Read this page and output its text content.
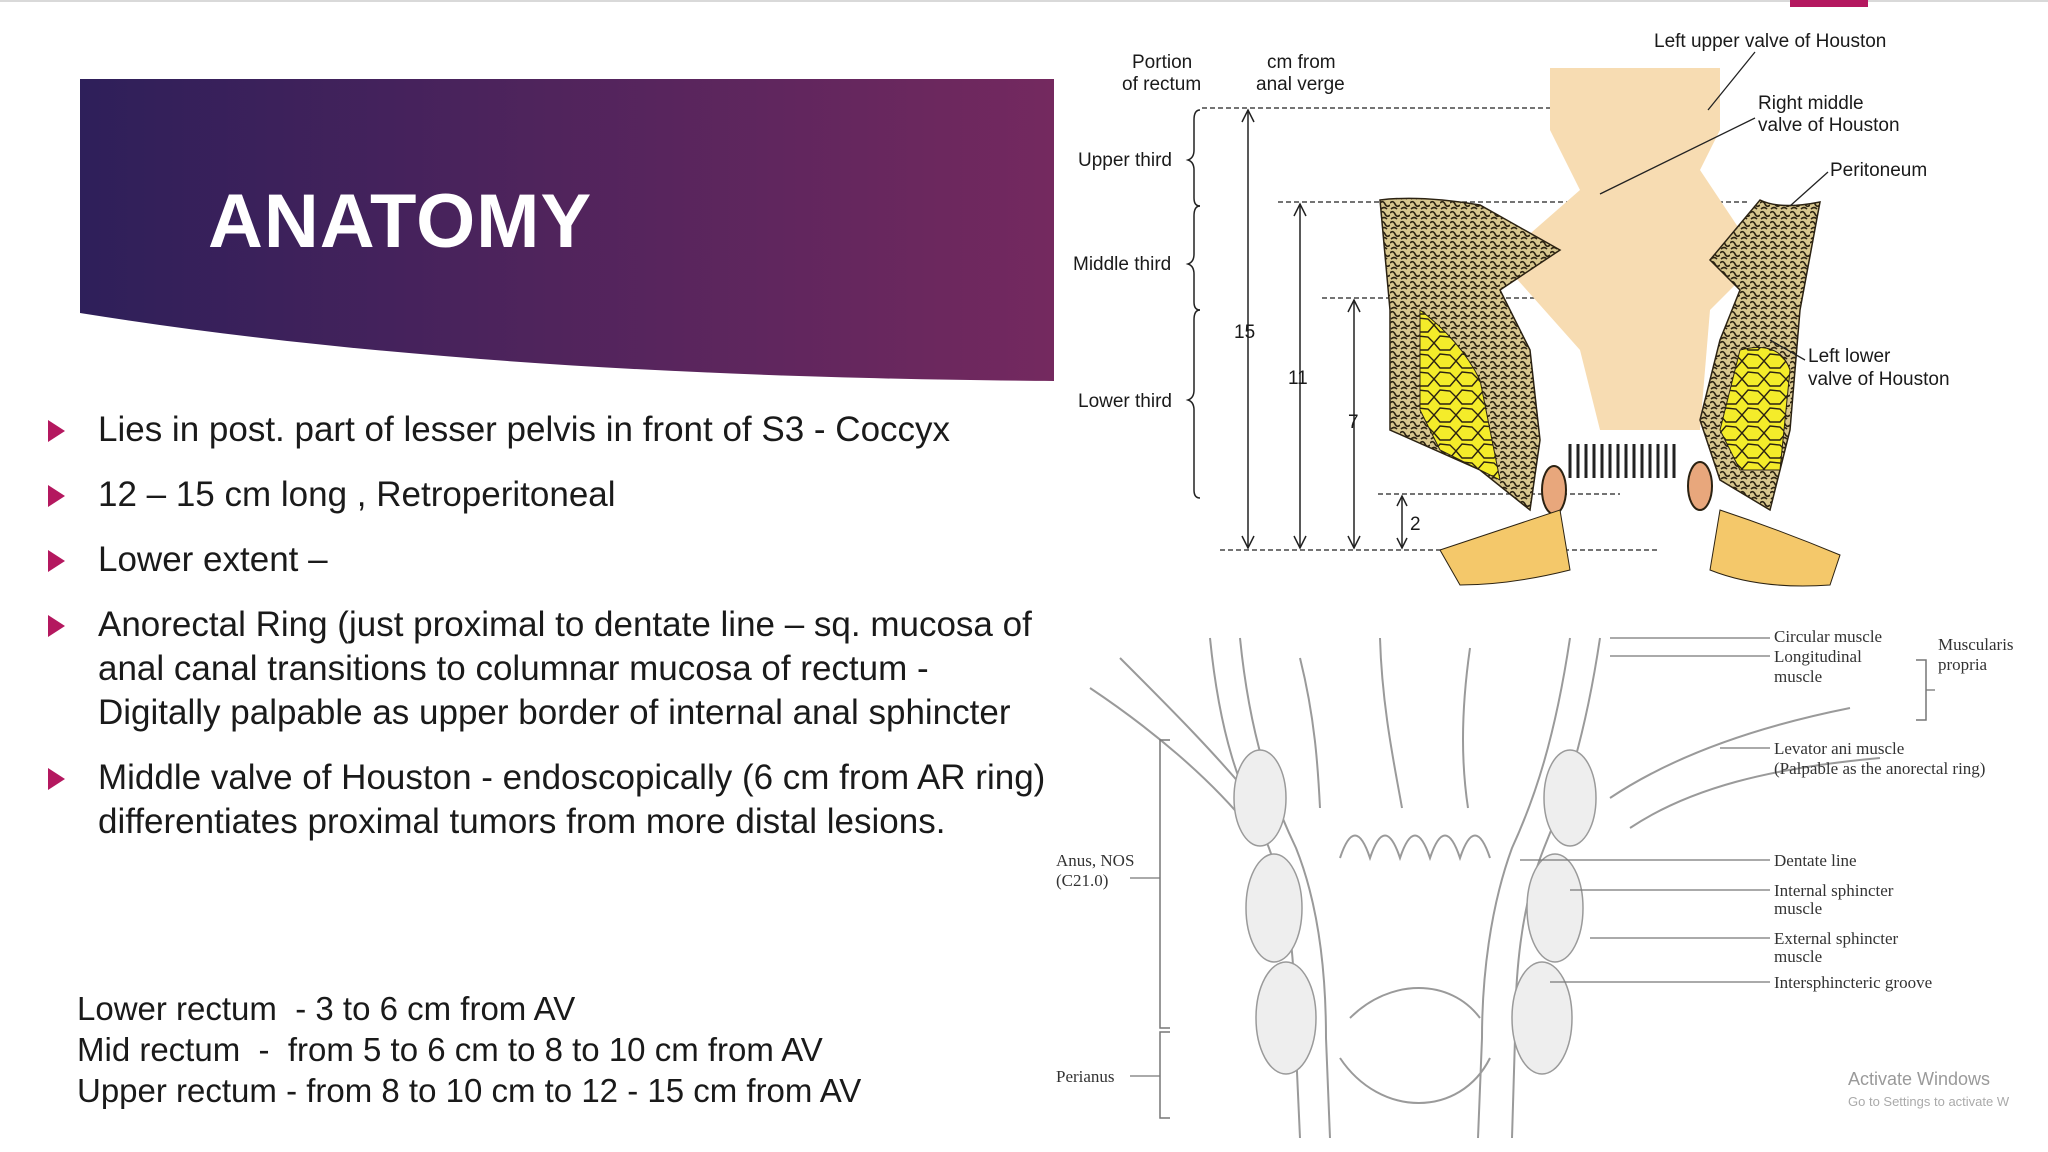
ANATOMY
Lies in post. part of lesser pelvis in front of S3 - Coccyx
12 – 15 cm long , Retroperitoneal
Lower extent –
Anorectal Ring (just proximal to dentate line – sq. mucosa of anal canal transitions to columnar mucosa of rectum - Digitally palpable as upper border of internal anal sphincter
Middle valve of Houston - endoscopically (6 cm from AR ring) differentiates proximal tumors from more distal lesions.
Lower rectum  - 3 to 6 cm from AV
Mid rectum  -  from 5 to 6 cm to 8 to 10 cm from AV
Upper rectum - from 8 to 10 cm to 12 - 15 cm from AV
Portion
of rectum
cm from
anal verge
Left upper valve of Houston
Right middle
valve of Houston
Peritoneum
Left lower
valve of Houston
Upper third
Middle third
Lower third
15
11
7
2
Circular muscle
Longitudinal
muscle
Muscularis
propria
Levator ani muscle
(Palpable as the anorectal ring)
Dentate line
Internal sphincter
muscle
External sphincter
muscle
Intersphincteric groove
Anus, NOS
(C21.0)
Perianus	Activate Windows
Go to Settings to activate W
